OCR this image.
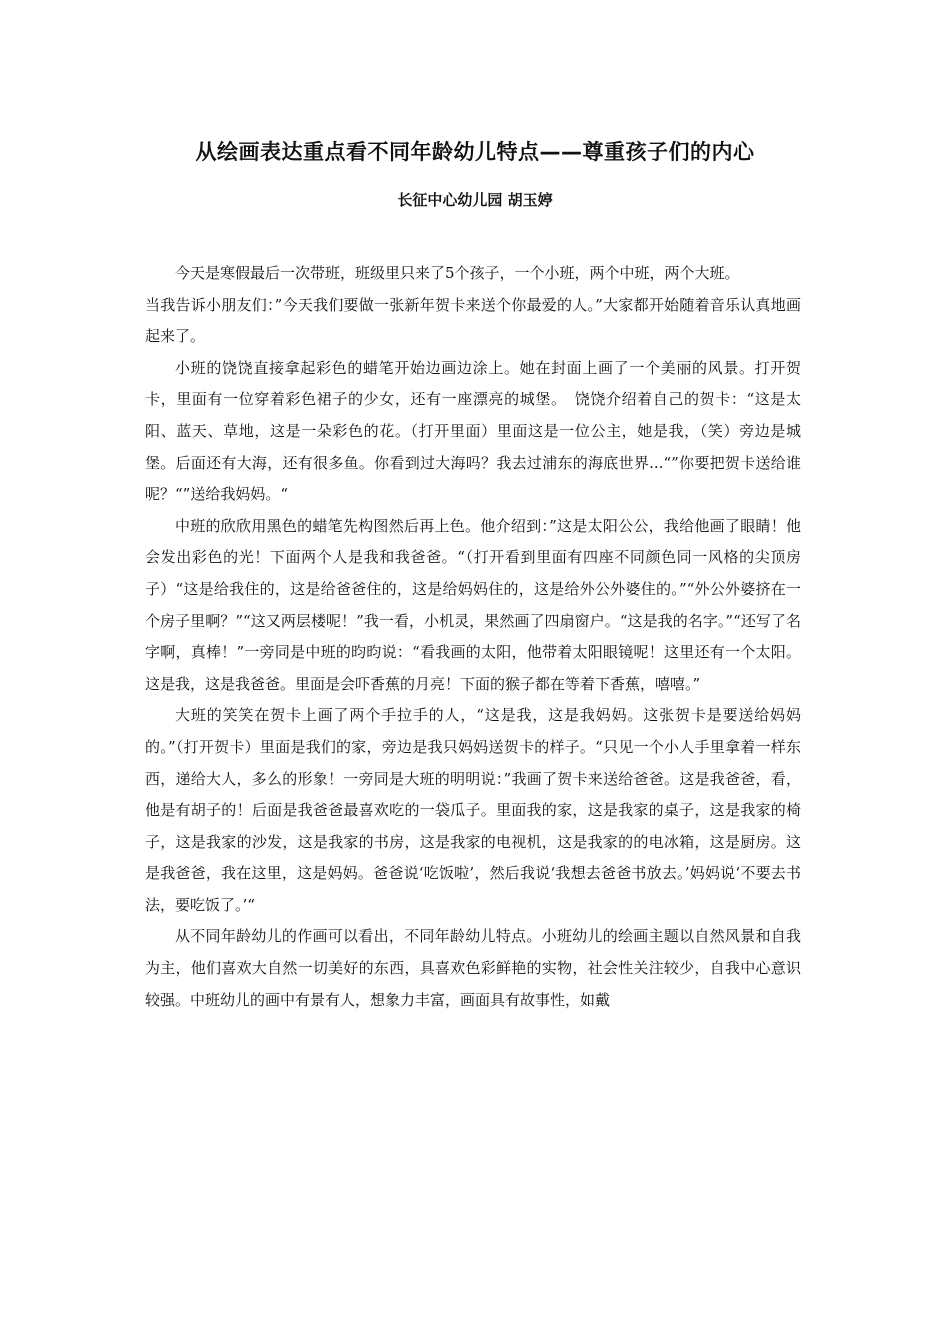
从绘画表达重点看不同年龄幼儿特点——尊重孩子们的内心
长征中心幼儿园 胡玉婷

今天是寒假最后一次带班，班级里只来了5个孩子，一个小班，两个中班，两个大班。

当我告诉小朋友们：”今天我们要做一张新年贺卡来送个你最爱的人。”大家都开始随着音乐认真地画起来了。

小班的饶饶直接拿起彩色的蜡笔开始边画边涂上。她在封面上画了一个美丽的风景。打开贺卡，里面有一位穿着彩色裙子的少女，还有一座漂亮的城堡。　饶饶介绍着自己的贺卡：“这是太阳、蓝天、草地，这是一朵彩色的花。（打开里面）里面这是一位公主，她是我，（笑）旁边是城堡。后面还有大海，还有很多鱼。你看到过大海吗？我去过浦东的海底世界...“”你要把贺卡送给谁呢？“”送给我妈妈。“

中班的欣欣用黑色的蜡笔先构图然后再上色。他介绍到：”这是太阳公公，我给他画了眼睛！他会发出彩色的光！下面两个人是我和我爸爸。“（打开看到里面有四座不同颜色同一风格的尖顶房子）“这是给我住的，这是给爸爸住的，这是给妈妈住的，这是给外公外婆住的。”“外公外婆挤在一个房子里啊？”“这又两层楼呢！”我一看，小机灵，果然画了四扇窗户。“这是我的名字。”“还写了名字啊，真棒！”一旁同是中班的昀昀说：“看我画的太阳，他带着太阳眼镜呢！这里还有一个太阳。这是我，这是我爸爸。里面是会吓香蕉的月亮！下面的猴子都在等着下香蕉，嘻嘻。”

大班的笑笑在贺卡上画了两个手拉手的人，“这是我，这是我妈妈。这张贺卡是要送给妈妈的。”（打开贺卡）里面是我们的家，旁边是我只妈妈送贺卡的样子。“只见一个小人手里拿着一样东西，递给大人，多么的形象！一旁同是大班的明明说：”我画了贺卡来送给爸爸。这是我爸爸，看，他是有胡子的！后面是我爸爸最喜欢吃的一袋瓜子。里面我的家，这是我家的桌子，这是我家的椅子，这是我家的沙发，这是我家的书房，这是我家的电视机，这是我家的的电冰箱，这是厨房。这是我爸爸，我在这里，这是妈妈。爸爸说‘吃饭啦’，然后我说‘我想去爸爸书放去。’妈妈说‘不要去书法，要吃饭了。’“

从不同年龄幼儿的作画可以看出，不同年龄幼儿特点。小班幼儿的绘画主题以自然风景和自我为主，他们喜欢大自然一切美好的东西，具喜欢色彩鲜艳的实物，社会性关注较少，自我中心意识较强。中班幼儿的画中有景有人，想象力丰富，画面具有故事性，如戴
